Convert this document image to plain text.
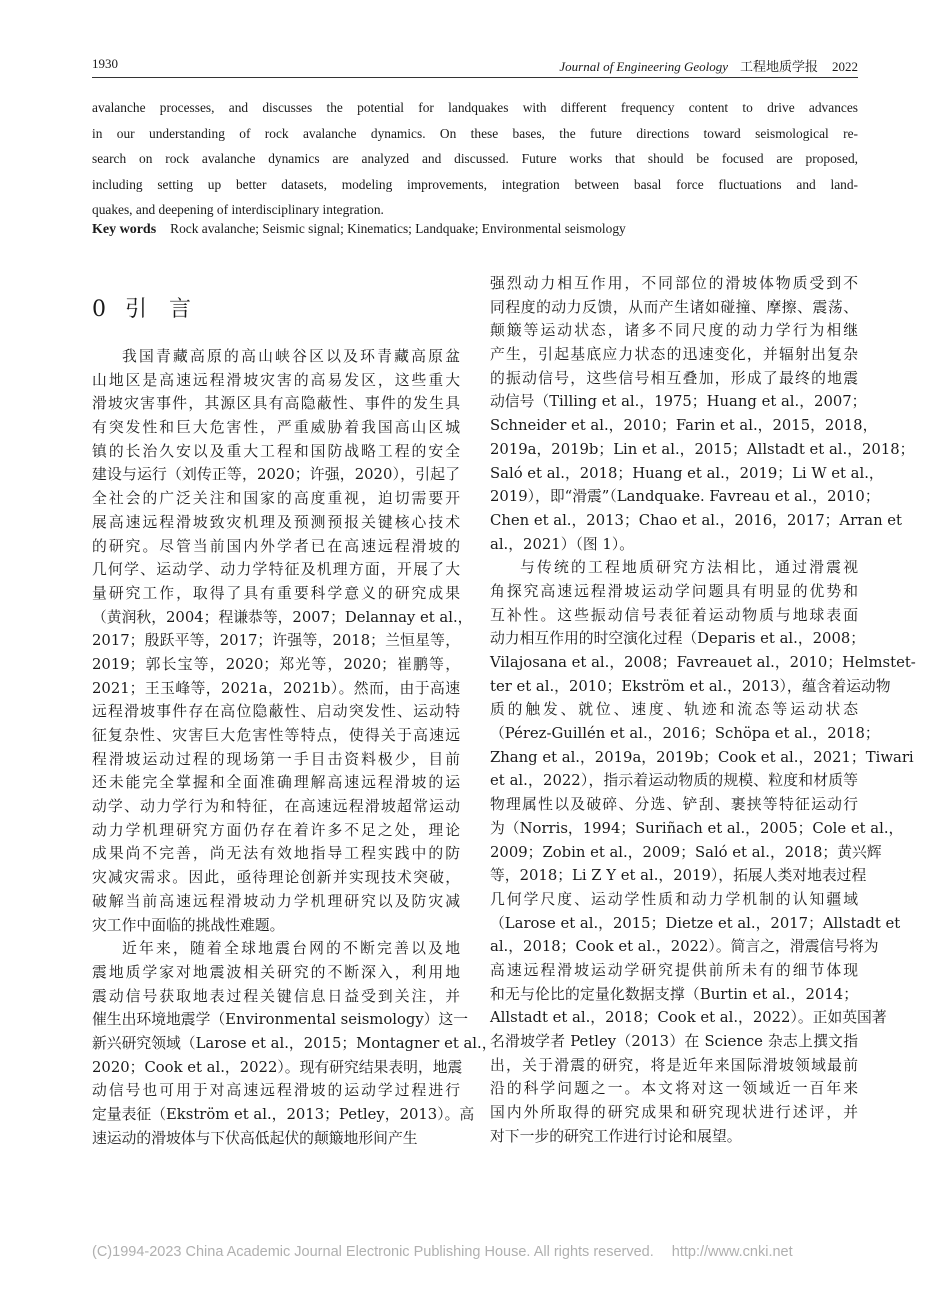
1930	Journal of Engineering Geology 工程地质学报 2022
avalanche processes, and discusses the potential for landquakes with different frequency content to drive advances
in our understanding of rock avalanche dynamics. On these bases, the future directions toward seismological re-
search on rock avalanche dynamics are analyzed and discussed. Future works that should be focused are proposed,
including setting up better datasets, modeling improvements, integration between basal force fluctuations and land-
quakes, and deepening of interdisciplinary integration.
Key words Rock avalanche; Seismic signal; Kinematics; Landquake; Environmental seismology
0 引言
我国青藏高原的高山峡谷区以及环青藏高原盆
山地区是高速远程滑坡灾害的高易发区，这些重大
滑坡灾害事件，其源区具有高隐蔽性、事件的发生具
有突发性和巨大危害性，严重威胁着我国高山区城
镇的长治久安以及重大工程和国防战略工程的安全
建设与运行（刘传正等，2020；许强，2020），引起了
全社会的广泛关注和国家的高度重视，迫切需要开
展高速远程滑坡致灾机理及预测预报关键核心技术
的研究。尽管当前国内外学者已在高速远程滑坡的
几何学、运动学、动力学特征及机理方面，开展了大
量研究工作，取得了具有重要科学意义的研究成果
（黄润秋，2004；程谦恭等，2007；Delannay et al.，
2017；殷跃平等，2017；许强等，2018；兰恒星等，
2019；郭长宝等，2020；郑光等，2020；崔鹏等，
2021；王玉峰等，2021a，2021b）。然而，由于高速
远程滑坡事件存在高位隐蔽性、启动突发性、运动特
征复杂性、灾害巨大危害性等特点，使得关于高速远
程滑坡运动过程的现场第一手目击资料极少，目前
还未能完全掌握和全面准确理解高速远程滑坡的运
动学、动力学行为和特征，在高速远程滑坡超常运动
动力学机理研究方面仍存在着许多不足之处，理论
成果尚不完善，尚无法有效地指导工程实践中的防
灾减灾需求。因此，亟待理论创新并实现技术突破，
破解当前高速远程滑坡动力学机理研究以及防灾减
灾工作中面临的挑战性难题。
近年来，随着全球地震台网的不断完善以及地
震地质学家对地震波相关研究的不断深入，利用地
震动信号获取地表过程关键信息日益受到关注，并
催生出环境地震学（Environmental seismology）这一
新兴研究领域（Larose et al.，2015；Montagner et al.，
2020；Cook et al.，2022）。现有研究结果表明，地震
动信号也可用于对高速远程滑坡的运动学过程进行
定量表征（Ekström et al.，2013；Petley，2013）。高
速运动的滑坡体与下伏高低起伏的颠簸地形间产生
强烈动力相互作用，不同部位的滑坡体物质受到不
同程度的动力反馈，从而产生诸如碰撞、摩擦、震荡、
颠簸等运动状态，诸多不同尺度的动力学行为相继
产生，引起基底应力状态的迅速变化，并辐射出复杂
的振动信号，这些信号相互叠加，形成了最终的地震
动信号（Tilling et al.，1975；Huang et al.，2007；
Schneider et al.，2010；Farin et al.，2015，2018，
2019a，2019b；Lin et al.，2015；Allstadt et al.，2018；
Saló et al.，2018；Huang et al.，2019；Li W et al.，
2019），即“滑震”（Landquake. Favreau et al.，2010；
Chen et al.，2013；Chao et al.，2016，2017；Arran et
al.，2021）（图 1）。
与传统的工程地质研究方法相比，通过滑震视
角探究高速远程滑坡运动学问题具有明显的优势和
互补性。这些振动信号表征着运动物质与地球表面
动力相互作用的时空演化过程（Deparis et al.，2008；
Vilajosana et al.，2008；Favreauet al.，2010；Helmstet-
ter et al.，2010；Ekström et al.，2013），蕴含着运动物
质的触发、就位、速度、轨迹和流态等运动状态
（Pérez-Guillén et al.，2016；Schöpa et al.，2018；
Zhang et al.，2019a，2019b；Cook et al.，2021；Tiwari
et al.，2022），指示着运动物质的规模、粒度和材质等
物理属性以及破碎、分选、铲刮、裹挟等特征运动行
为（Norris，1994；Suriñach et al.，2005；Cole et al.，
2009；Zobin et al.，2009；Saló et al.，2018；黄兴辉
等，2018；Li Z Y et al.，2019），拓展人类对地表过程
几何学尺度、运动学性质和动力学机制的认知疆域
（Larose et al.，2015；Dietze et al.，2017；Allstadt et
al.，2018；Cook et al.，2022）。简言之，滑震信号将为
高速远程滑坡运动学研究提供前所未有的细节体现
和无与伦比的定量化数据支撑（Burtin et al.，2014；
Allstadt et al.，2018；Cook et al.，2022）。正如英国著
名滑坡学者 Petley（2013）在 Science 杂志上撰文指
出，关于滑震的研究，将是近年来国际滑坡领域最前
沿的科学问题之一。本文将对这一领域近一百年来
国内外所取得的研究成果和研究现状进行述评，并
对下一步的研究工作进行讨论和展望。
(C)1994-2023 China Academic Journal Electronic Publishing House. All rights reserved. http://www.cnki.net
